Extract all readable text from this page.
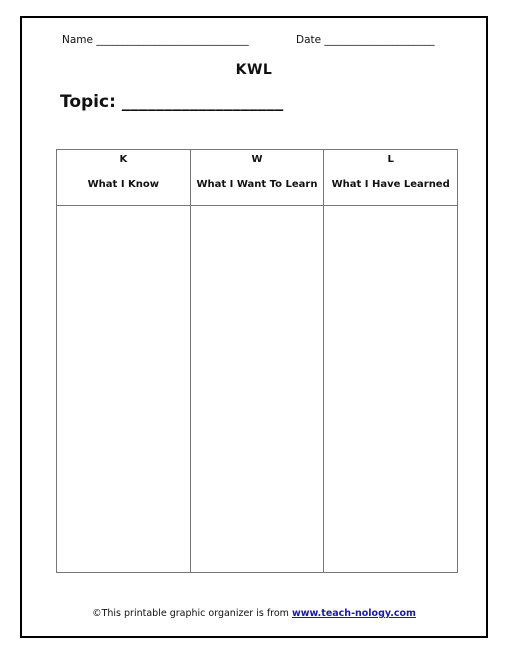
Name _____________________________	Date _____________________
KWL
Topic: ___________________
K
What I Know
W
What I Want To Learn
L
What I Have Learned
©This printable graphic organizer is from www.teach-nology.com
